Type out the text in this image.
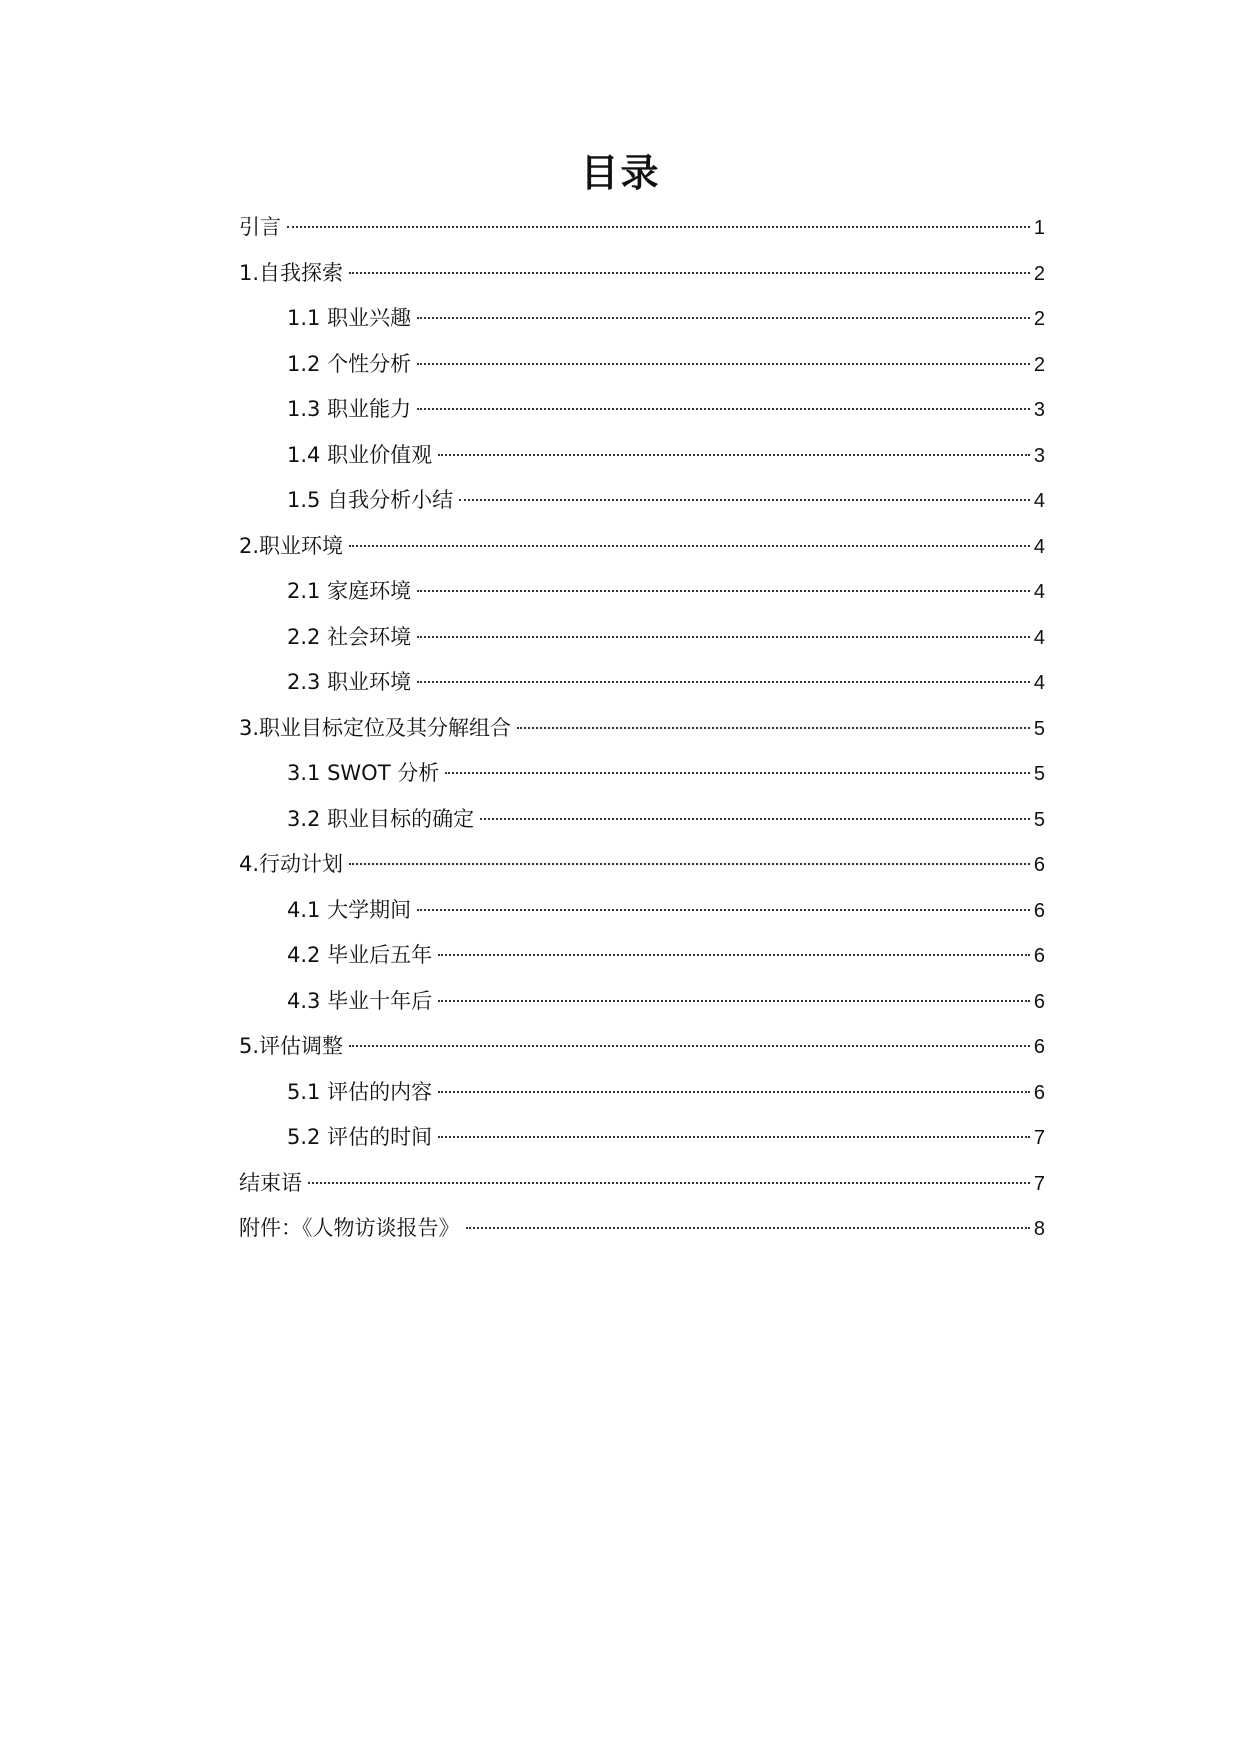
目录
引言	1
1.自我探索	2
1.1 职业兴趣	2
1.2 个性分析	2
1.3 职业能力	3
1.4 职业价值观	3
1.5 自我分析小结	4
2.职业环境	4
2.1 家庭环境	4
2.2 社会环境	4
2.3 职业环境	4
3.职业目标定位及其分解组合	5
3.1 SWOT 分析	5
3.2 职业目标的确定	5
4.行动计划	6
4.1 大学期间	6
4.2 毕业后五年	6
4.3 毕业十年后	6
5.评估调整	6
5.1 评估的内容	6
5.2 评估的时间	7
结束语	7
附件：《人物访谈报告》	8
